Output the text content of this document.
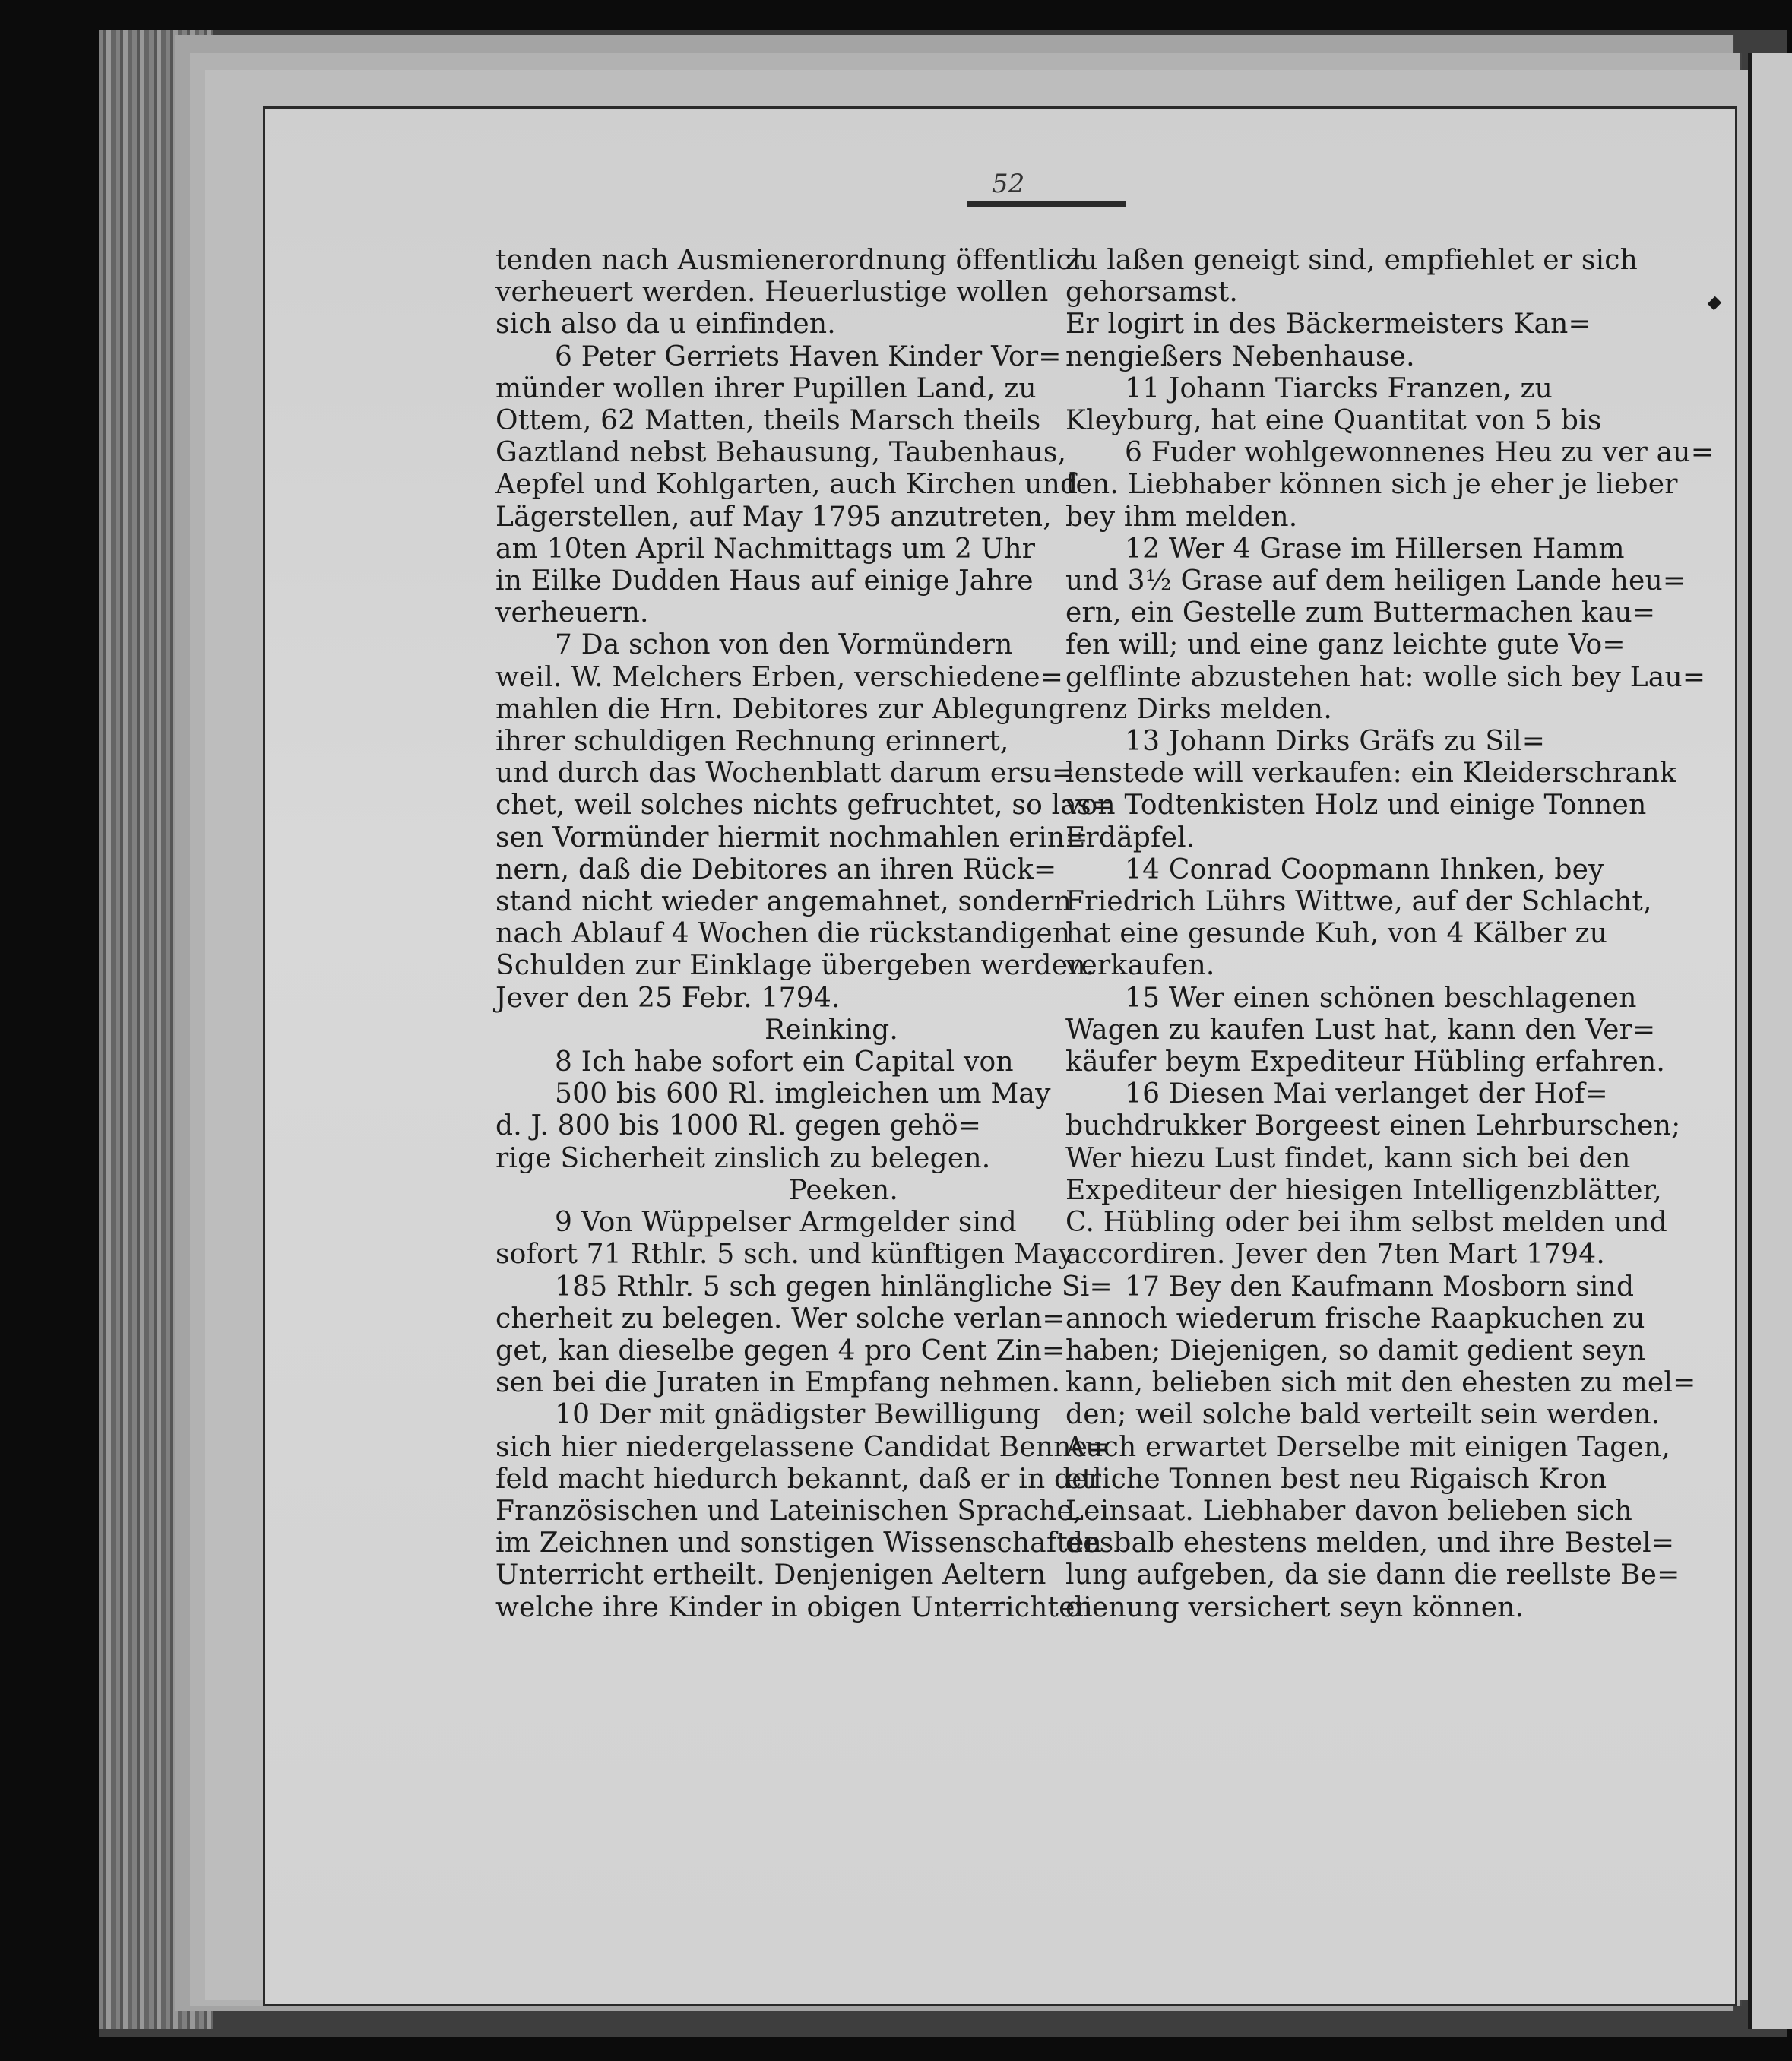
52
tenden nach Ausmienerordnung öffentlich
verheuert werden. Heuerlustige wollen
sich also da u einfinden.
6 Peter Gerriets Haven Kinder Vor=
münder wollen ihrer Pupillen Land, zu
Ottem, 62 Matten, theils Marsch theils
Gaztland nebst Behausung, Taubenhaus,
Aepfel und Kohlgarten, auch Kirchen und
Lägerstellen, auf May 1795 anzutreten,
am 10ten April Nachmittags um 2 Uhr
in Eilke Dudden Haus auf einige Jahre
verheuern.
7 Da schon von den Vormündern
weil. W. Melchers Erben, verschiedene=
mahlen die Hrn. Debitores zur Ablegung
ihrer schuldigen Rechnung erinnert,
und durch das Wochenblatt darum ersu=
chet, weil solches nichts gefruchtet, so las=
sen Vormünder hiermit nochmahlen erin=
nern, daß die Debitores an ihren Rück=
stand nicht wieder angemahnet, sondern
nach Ablauf 4 Wochen die rückstandigen
Schulden zur Einklage übergeben werden.
Jever den 25 Febr. 1794.
Reinking.
8 Ich habe sofort ein Capital von
500 bis 600 Rl. imgleichen um May
d. J. 800 bis 1000 Rl. gegen gehö=
rige Sicherheit zinslich zu belegen.
Peeken.
9 Von Wüppelser Armgelder sind
sofort 71 Rthlr. 5 sch. und künftigen May
185 Rthlr. 5 sch gegen hinlängliche Si=
cherheit zu belegen. Wer solche verlan=
get, kan dieselbe gegen 4 pro Cent Zin=
sen bei die Juraten in Empfang nehmen.
10 Der mit gnädigster Bewilligung
sich hier niedergelassene Candidat Benne=
feld macht hiedurch bekannt, daß er in der
Französischen und Lateinischen Sprache,
im Zeichnen und sonstigen Wissenschaften
Unterricht ertheilt. Denjenigen Aeltern
welche ihre Kinder in obigen Unterrichten
zu laßen geneigt sind, empfiehlet er sich
gehorsamst.
Er logirt in des Bäckermeisters Kan=
nengießers Nebenhause.
11 Johann Tiarcks Franzen, zu
Kleyburg, hat eine Quantitat von 5 bis
6 Fuder wohlgewonnenes Heu zu ver au=
fen. Liebhaber können sich je eher je lieber
bey ihm melden.
12 Wer 4 Grase im Hillersen Hamm
und 3½ Grase auf dem heiligen Lande heu=
ern, ein Gestelle zum Buttermachen kau=
fen will; und eine ganz leichte gute Vo=
gelflinte abzustehen hat: wolle sich bey Lau=
renz Dirks melden.
13 Johann Dirks Gräfs zu Sil=
lenstede will verkaufen: ein Kleiderschrank
von Todtenkisten Holz und einige Tonnen
Erdäpfel.
14 Conrad Coopmann Ihnken, bey
Friedrich Lührs Wittwe, auf der Schlacht,
hat eine gesunde Kuh, von 4 Kälber zu
verkaufen.
15 Wer einen schönen beschlagenen
Wagen zu kaufen Lust hat, kann den Ver=
käufer beym Expediteur Hübling erfahren.
16 Diesen Mai verlanget der Hof=
buchdrukker Borgeest einen Lehrburschen;
Wer hiezu Lust findet, kann sich bei den
Expediteur der hiesigen Intelligenzblätter,
C. Hübling oder bei ihm selbst melden und
accordiren. Jever den 7ten Mart 1794.
17 Bey den Kaufmann Mosborn sind
annoch wiederum frische Raapkuchen zu
haben; Diejenigen, so damit gedient seyn
kann, belieben sich mit den ehesten zu mel=
den; weil solche bald verteilt sein werden.
Auch erwartet Derselbe mit einigen Tagen,
etliche Tonnen best neu Rigaisch Kron
Leinsaat. Liebhaber davon belieben sich
desbalb ehestens melden, und ihre Bestel=
lung aufgeben, da sie dann die reellste Be=
dienung versichert seyn können.
